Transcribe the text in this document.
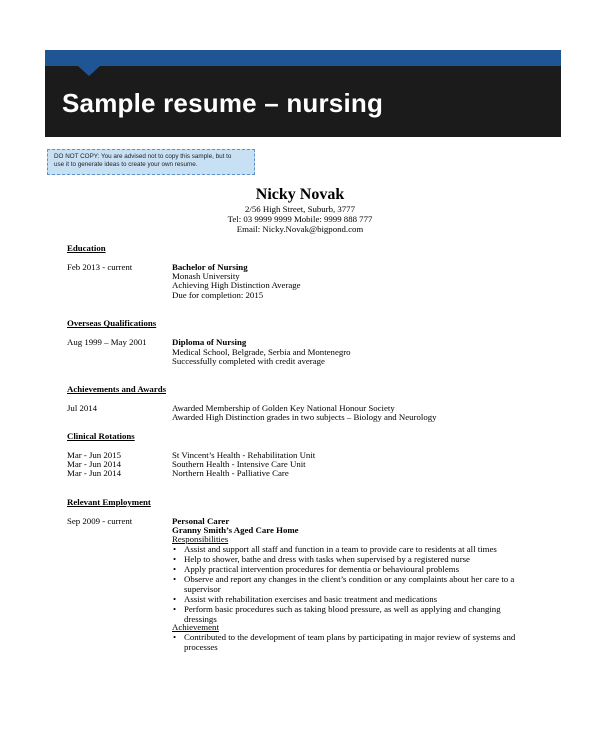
Sample resume – nursing
DO NOT COPY: You are advised not to copy this sample, but to
use it to generate ideas to create your own resume.
Nicky Novak
2/56 High Street, Suburb, 3777
Tel: 03 9999 9999 Mobile: 9999 888 777
Email: Nicky.Novak@bigpond.com
Education
Feb 2013 - current	Bachelor of Nursing
Monash University
Achieving High Distinction Average
Due for completion: 2015
Overseas Qualifications
Aug 1999 – May 2001	Diploma of Nursing
Medical School, Belgrade, Serbia and Montenegro
Successfully completed with credit average
Achievements and Awards
Jul 2014	Awarded Membership of Golden Key National Honour Society
Awarded High Distinction grades in two subjects – Biology and Neurology
Clinical Rotations
Mar - Jun 2015	St Vincent’s Health - Rehabilitation Unit
Mar - Jun 2014	Southern Health - Intensive Care Unit
Mar - Jun 2014	Northern Health - Palliative Care
Relevant Employment
Sep 2009 - current	Personal Carer
Granny Smith’s Aged Care Home
Responsibilities
• Assist and support all staff and function in a team to provide care to residents at all times
• Help to shower, bathe and dress with tasks when supervised by a registered nurse
• Apply practical intervention procedures for dementia or behavioural problems
• Observe and report any changes in the client’s condition or any complaints about her care to a supervisor
• Assist with rehabilitation exercises and basic treatment and medications
• Perform basic procedures such as taking blood pressure, as well as applying and changing dressings
Achievement
• Contributed to the development of team plans by participating in major review of systems and processes
